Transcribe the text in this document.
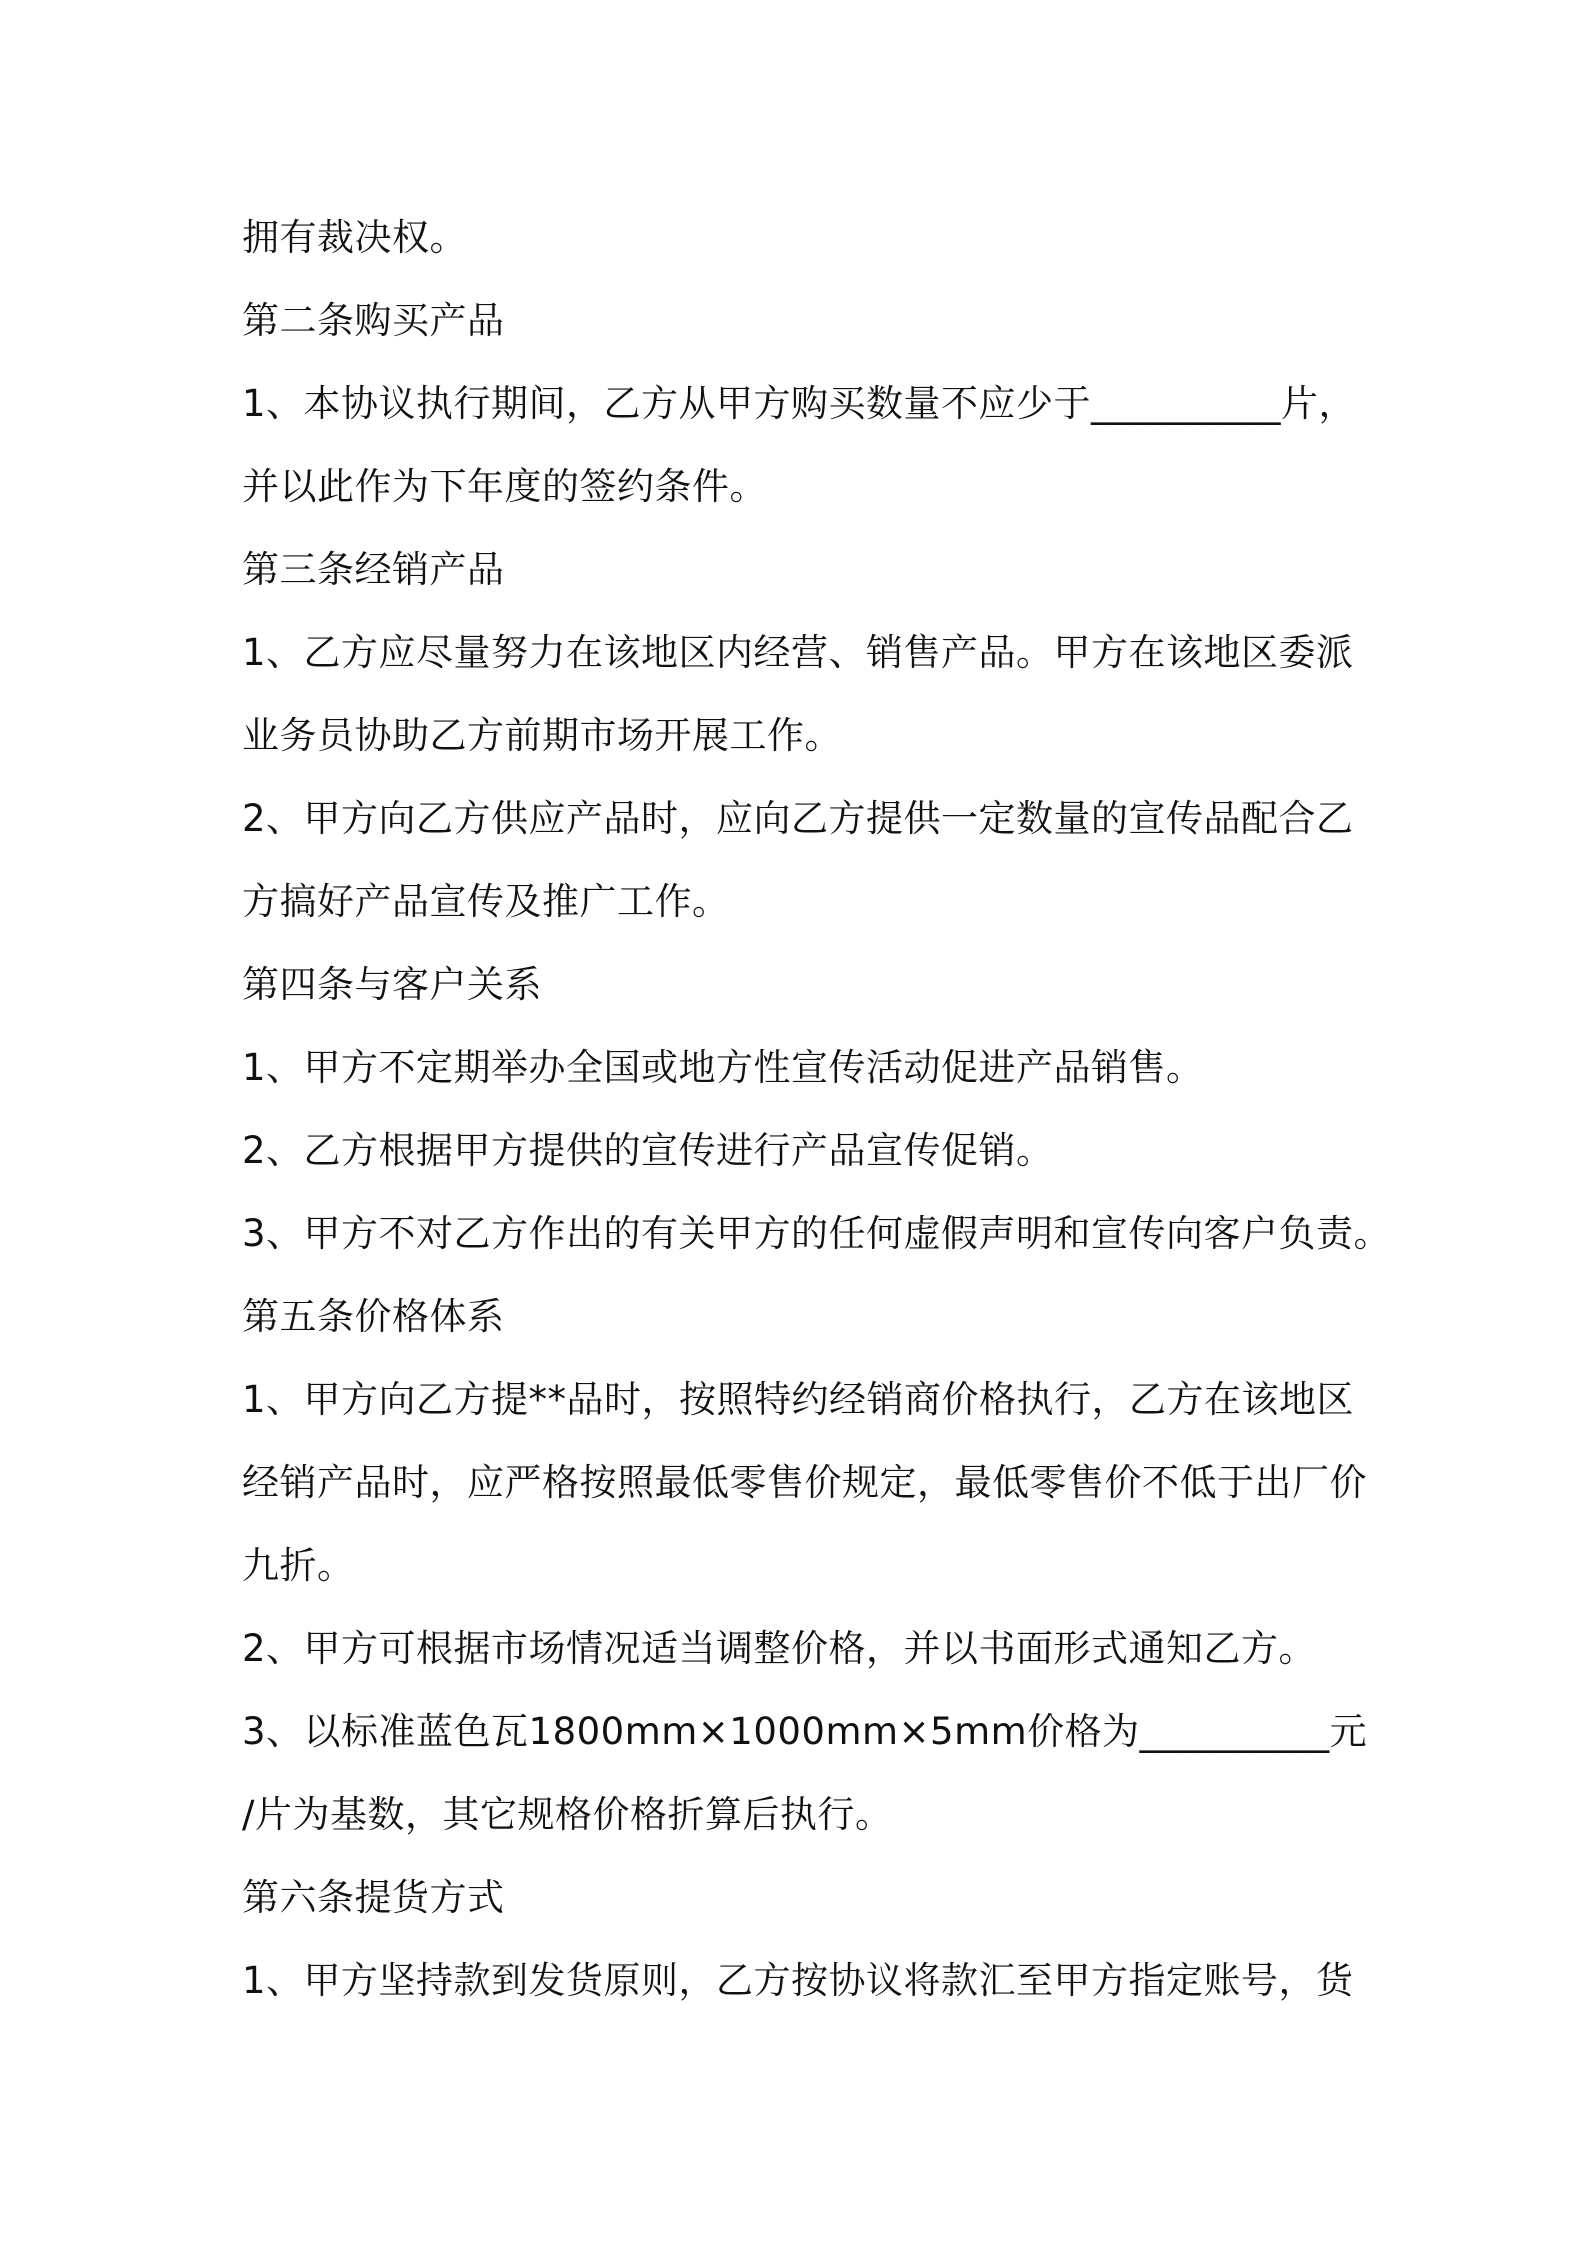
拥有裁决权。
第二条购买产品
1、本协议执行期间，乙方从甲方购买数量不应少于__________片，
并以此作为下年度的签约条件。
第三条经销产品
1、乙方应尽量努力在该地区内经营、销售产品。甲方在该地区委派
业务员协助乙方前期市场开展工作。
2、甲方向乙方供应产品时，应向乙方提供一定数量的宣传品配合乙
方搞好产品宣传及推广工作。
第四条与客户关系
1、甲方不定期举办全国或地方性宣传活动促进产品销售。
2、乙方根据甲方提供的宣传进行产品宣传促销。
3、甲方不对乙方作出的有关甲方的任何虚假声明和宣传向客户负责。
第五条价格体系
1、甲方向乙方提**品时，按照特约经销商价格执行，乙方在该地区
经销产品时，应严格按照最低零售价规定，最低零售价不低于出厂价
九折。
2、甲方可根据市场情况适当调整价格，并以书面形式通知乙方。
3、以标准蓝色瓦1800mm×1000mm×5mm价格为__________元
/片为基数，其它规格价格折算后执行。
第六条提货方式
1、甲方坚持款到发货原则，乙方按协议将款汇至甲方指定账号，货
